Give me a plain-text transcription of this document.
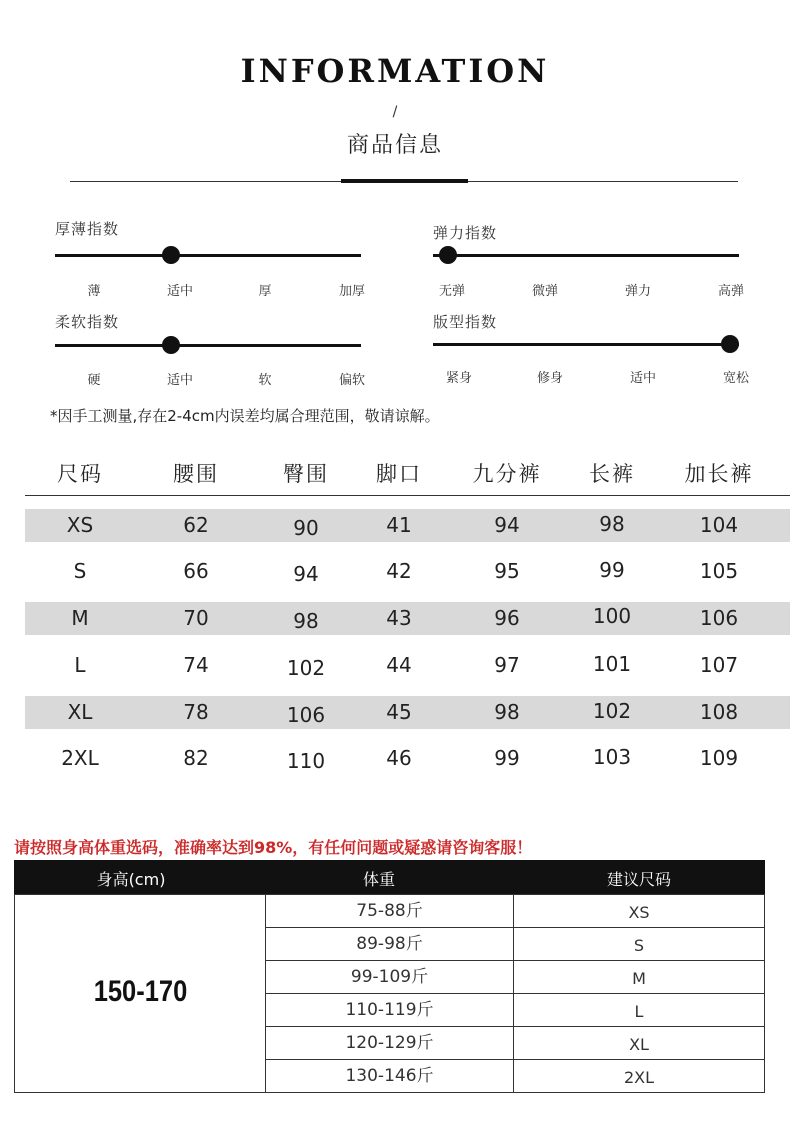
INFORMATION
/
商品信息
厚薄指数
薄	适中	厚	加厚
弹力指数
无弹	微弹	弹力	高弹
柔软指数
硬	适中	软	偏软
版型指数
紧身	修身	适中	宽松
*因手工测量,存在2-4cm内误差均属合理范围，敬请谅解。
尺码	腰围	臀围 脚口 九分裤 长裤 加长裤
XS	62	90	41	94	98	104
S	66	94	42	95	99	105
M	70	98	43	96	100	106
L	74	102	44	97	101	107
XL	78	106	45	98	102	108
2XL	82	110	46	99	103	109
请按照身高体重选码，准确率达到98%，有任何问题或疑惑请咨询客服！
身高(cm)	体重	建议尺码
150-170
75-88斤	XS
89-98斤	S
99-109斤	M
110-119斤	L
120-129斤	XL
130-146斤	2XL
